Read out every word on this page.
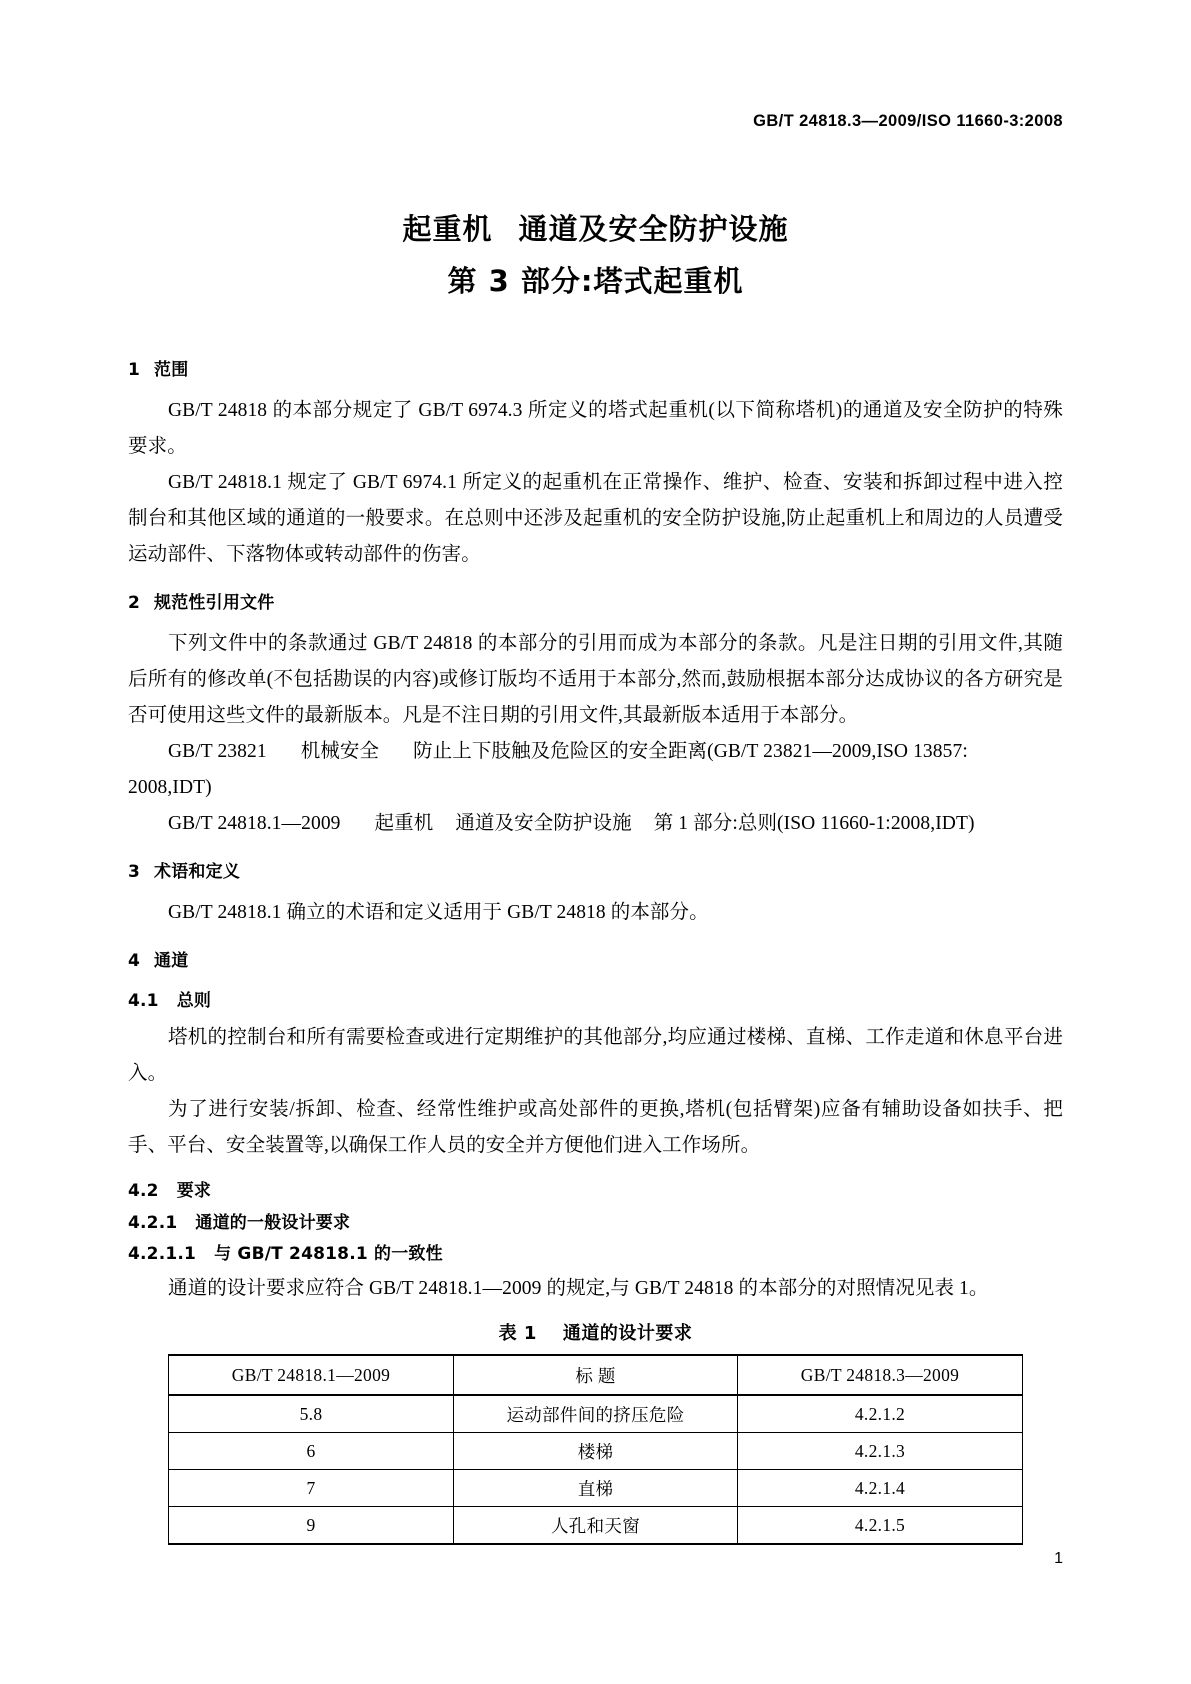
GB/T 24818.3—2009/ISO 11660-3:2008
起重机 通道及安全防护设施
第 3 部分:塔式起重机
1 范围

GB/T 24818 的本部分规定了 GB/T 6974.3 所定义的塔式起重机(以下简称塔机)的通道及安全防护的特殊要求。

GB/T 24818.1 规定了 GB/T 6974.1 所定义的起重机在正常操作、维护、检查、安装和拆卸过程中进入控制台和其他区域的通道的一般要求。在总则中还涉及起重机的安全防护设施,防止起重机上和周边的人员遭受运动部件、下落物体或转动部件的伤害。

2 规范性引用文件

下列文件中的条款通过 GB/T 24818 的本部分的引用而成为本部分的条款。凡是注日期的引用文件,其随后所有的修改单(不包括勘误的内容)或修订版均不适用于本部分,然而,鼓励根据本部分达成协议的各方研究是否可使用这些文件的最新版本。凡是不注日期的引用文件,其最新版本适用于本部分。

GB/T 23821 机械安全 防止上下肢触及危险区的安全距离(GB/T 23821—2009,ISO 13857:

2008,IDT)

GB/T 24818.1—2009 起重机 通道及安全防护设施 第 1 部分:总则(ISO 11660-1:2008,IDT)

3 术语和定义

GB/T 24818.1 确立的术语和定义适用于 GB/T 24818 的本部分。

4 通道
4.1 总则

塔机的控制台和所有需要检查或进行定期维护的其他部分,均应通过楼梯、直梯、工作走道和休息平台进入。

为了进行安装/拆卸、检查、经常性维护或高处部件的更换,塔机(包括臂架)应备有辅助设备如扶手、把手、平台、安全装置等,以确保工作人员的安全并方便他们进入工作场所。

4.2 要求
4.2.1 通道的一般设计要求
4.2.1.1 与 GB/T 24818.1 的一致性

通道的设计要求应符合 GB/T 24818.1—2009 的规定,与 GB/T 24818 的本部分的对照情况见表 1。

表 1 通道的设计要求
GB/T 24818.1—2009	标 题	GB/T 24818.3—2009
5.8	运动部件间的挤压危险	4.2.1.2
6	楼梯	4.2.1.3
7	直梯	4.2.1.4
9	人孔和天窗	4.2.1.5
1
